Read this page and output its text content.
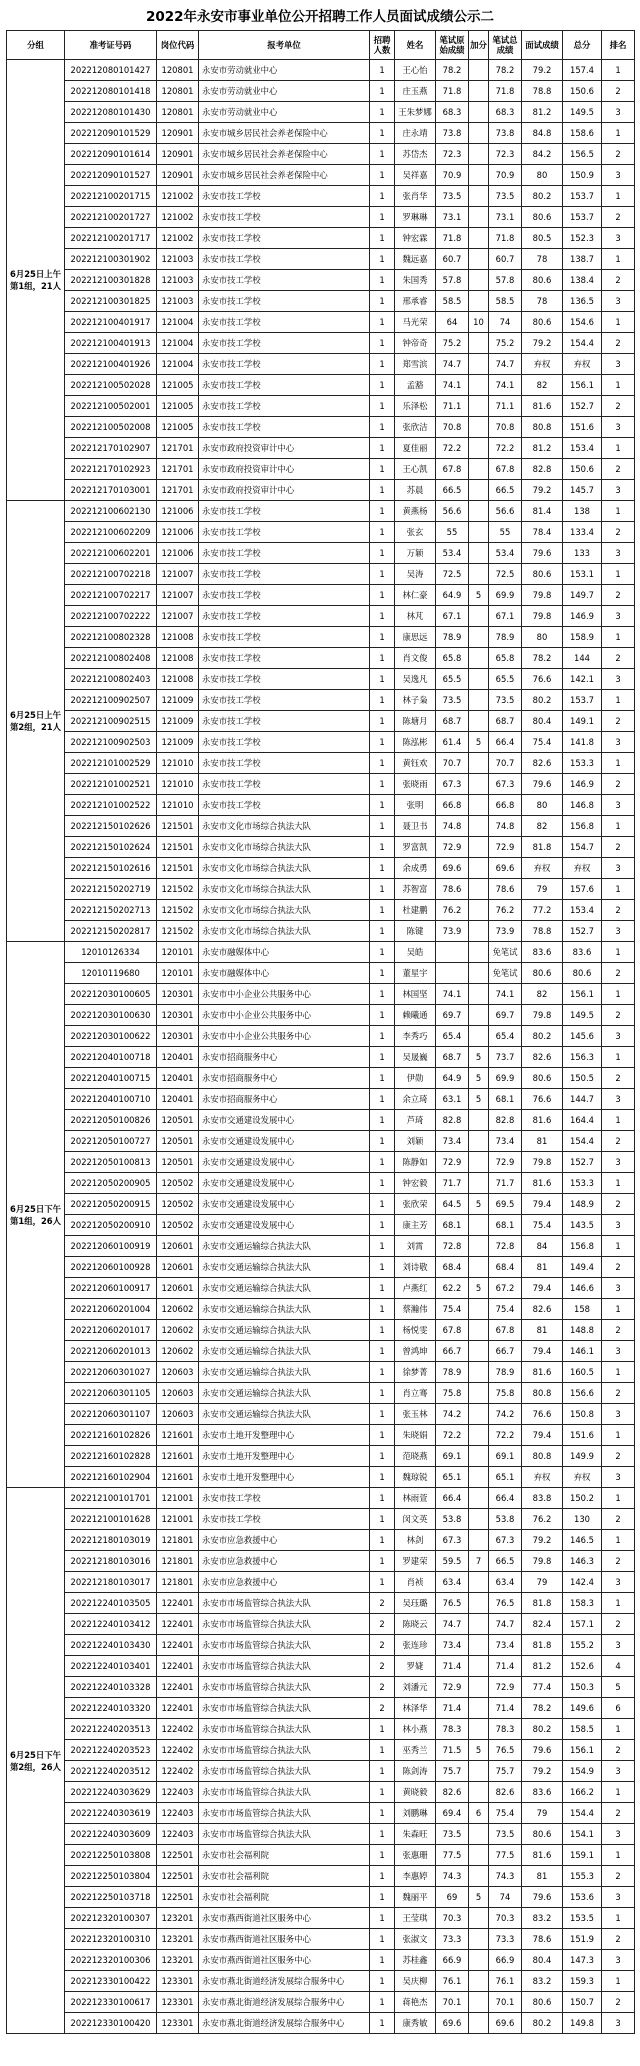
2022年永安市事业单位公开招聘工作人员面试成绩公示二
分组	准考证号码	岗位代码	报考单位	招聘人数	姓名	笔试原始成绩	加分	笔试总成绩	面试成绩	总分	排名
6月25日上午第1组，21人	202212080101427	120801	永安市劳动就业中心	1	王心怡	78.2		78.2	79.2	157.4	1
	202212080101418	120801	永安市劳动就业中心	1	庄玉燕	71.8		71.8	78.8	150.6	2
	202212080101430	120801	永安市劳动就业中心	1	王朱梦娜	68.3		68.3	81.2	149.5	3
	202212090101529	120901	永安市城乡居民社会养老保险中心	1	庄永靖	73.8		73.8	84.8	158.6	1
	202212090101614	120901	永安市城乡居民社会养老保险中心	1	苏岱杰	72.3		72.3	84.2	156.5	2
	202212090101527	120901	永安市城乡居民社会养老保险中心	1	吴祥嘉	70.9		70.9	80	150.9	3
	202212100201715	121002	永安市技工学校	1	张肖华	73.5		73.5	80.2	153.7	1
	202212100201727	121002	永安市技工学校	1	罗琳琳	73.1		73.1	80.6	153.7	2
	202212100201717	121002	永安市技工学校	1	钟宏霖	71.8		71.8	80.5	152.3	3
	202212100301902	121003	永安市技工学校	1	魏远嘉	60.7		60.7	78	138.7	1
	202212100301828	121003	永安市技工学校	1	朱国秀	57.8		57.8	80.6	138.4	2
	202212100301825	121003	永安市技工学校	1	邢承睿	58.5		58.5	78	136.5	3
	202212100401917	121004	永安市技工学校	1	马光荣	64	10	74	80.6	154.6	1
	202212100401913	121004	永安市技工学校	1	钟帝奇	75.2		75.2	79.2	154.4	2
	202212100401926	121004	永安市技工学校	1	郑雪滨	74.7		74.7	弃权	弃权	3
	202212100502028	121005	永安市技工学校	1	孟豁	74.1		74.1	82	156.1	1
	202212100502001	121005	永安市技工学校	1	乐泽松	71.1		71.1	81.6	152.7	2
	202212100502008	121005	永安市技工学校	1	张欣洁	70.8		70.8	80.8	151.6	3
	202212170102907	121701	永安市政府投资审计中心	1	夏佳丽	72.2		72.2	81.2	153.4	1
	202212170102923	121701	永安市政府投资审计中心	1	王心凯	67.8		67.8	82.8	150.6	2
	202212170103001	121701	永安市政府投资审计中心	1	苏晨	66.5		66.5	79.2	145.7	3
6月25日上午第2组，21人	202212100602130	121006	永安市技工学校	1	黄燕杨	56.6		56.6	81.4	138	1
	202212100602209	121006	永安市技工学校	1	张玄	55		55	78.4	133.4	2
	202212100602201	121006	永安市技工学校	1	万颖	53.4		53.4	79.6	133	3
	202212100702218	121007	永安市技工学校	1	吴涛	72.5		72.5	80.6	153.1	1
	202212100702217	121007	永安市技工学校	1	林仁豪	64.9	5	69.9	79.8	149.7	2
	202212100702222	121007	永安市技工学校	1	林芃	67.1		67.1	79.8	146.9	3
	202212100802328	121008	永安市技工学校	1	康思远	78.9		78.9	80	158.9	1
	202212100802408	121008	永安市技工学校	1	肖文俊	65.8		65.8	78.2	144	2
	202212100802403	121008	永安市技工学校	1	吴逸凡	65.5		65.5	76.6	142.1	3
	202212100902507	121009	永安市技工学校	1	林子枭	73.5		73.5	80.2	153.7	1
	202212100902515	121009	永安市技工学校	1	陈塘月	68.7		68.7	80.4	149.1	2
	202212100902503	121009	永安市技工学校	1	陈泓彬	61.4	5	66.4	75.4	141.8	3
	202212101002529	121010	永安市技工学校	1	黄钰欢	70.7		70.7	82.6	153.3	1
	202212101002521	121010	永安市技工学校	1	张晓雨	67.3		67.3	79.6	146.9	2
	202212101002522	121010	永安市技工学校	1	张明	66.8		66.8	80	146.8	3
	202212150102626	121501	永安市文化市场综合执法大队	1	聂卫书	74.8		74.8	82	156.8	1
	202212150102624	121501	永安市文化市场综合执法大队	1	罗富凯	72.9		72.9	81.8	154.7	2
	202212150102616	121501	永安市文化市场综合执法大队	1	余成勇	69.6		69.6	弃权	弃权	3
	202212150202719	121502	永安市文化市场综合执法大队	1	苏智富	78.6		78.6	79	157.6	1
	202212150202713	121502	永安市文化市场综合执法大队	1	杜建鹏	76.2		76.2	77.2	153.4	2
	202212150202817	121502	永安市文化市场综合执法大队	1	陈键	73.9		73.9	78.8	152.7	3
6月25日下午第1组，26人	12010126334	120101	永安市融媒体中心	1	吴皓			免笔试	83.6	83.6	1
	12010119680	120101	永安市融媒体中心	1	董星宇			免笔试	80.6	80.6	2
	202212030100605	120301	永安市中小企业公共服务中心	1	林国坚	74.1		74.1	82	156.1	1
	202212030100630	120301	永安市中小企业公共服务中心	1	赖曦通	69.7		69.7	79.8	149.5	2
	202212030100622	120301	永安市中小企业公共服务中心	1	李秀巧	65.4		65.4	80.2	145.6	3
	202212040100718	120401	永安市招商服务中心	1	吴晟巍	68.7	5	73.7	82.6	156.3	1
	202212040100715	120401	永安市招商服务中心	1	伊勋	64.9	5	69.9	80.6	150.5	2
	202212040100710	120401	永安市招商服务中心	1	余立琦	63.1	5	68.1	76.6	144.7	3
	202212050100826	120501	永安市交通建设发展中心	1	芦琦	82.8		82.8	81.6	164.4	1
	202212050100727	120501	永安市交通建设发展中心	1	刘颖	73.4		73.4	81	154.4	2
	202212050100813	120501	永安市交通建设发展中心	1	陈静如	72.9		72.9	79.8	152.7	3
	202212050200905	120502	永安市交通建设发展中心	1	钟宏毅	71.7		71.7	81.6	153.3	1
	202212050200915	120502	永安市交通建设发展中心	1	张欣荣	64.5	5	69.5	79.4	148.9	2
	202212050200910	120502	永安市交通建设发展中心	1	康主芳	68.1		68.1	75.4	143.5	3
	202212060100919	120601	永安市交通运输综合执法大队	1	刘霄	72.8		72.8	84	156.8	1
	202212060100928	120601	永安市交通运输综合执法大队	1	刘诗敬	68.4		68.4	81	149.4	2
	202212060100917	120601	永安市交通运输综合执法大队	1	卢燕红	62.2	5	67.2	79.4	146.6	3
	202212060201004	120602	永安市交通运输综合执法大队	1	蔡瀚伟	75.4		75.4	82.6	158	1
	202212060201017	120602	永安市交通运输综合执法大队	1	杨悦雯	67.8		67.8	81	148.8	2
	202212060201013	120602	永安市交通运输综合执法大队	1	曾鸿坤	66.7		66.7	79.4	146.1	3
	202212060301027	120603	永安市交通运输综合执法大队	1	徐梦菁	78.9		78.9	81.6	160.5	1
	202212060301105	120603	永安市交通运输综合执法大队	1	肖立骞	75.8		75.8	80.8	156.6	2
	202212060301107	120603	永安市交通运输综合执法大队	1	张玉林	74.2		74.2	76.6	150.8	3
	202212160102826	121601	永安市土地开发整理中心	1	朱晓娟	72.2		72.2	79.4	151.6	1
	202212160102828	121601	永安市土地开发整理中心	1	范晓燕	69.1		69.1	80.8	149.9	2
	202212160102904	121601	永安市土地开发整理中心	1	魏琼锐	65.1		65.1	弃权	弃权	3
6月25日下午第2组，26人	202212100101701	121001	永安市技工学校	1	林雨萱	66.4		66.4	83.8	150.2	1
	202212100101628	121001	永安市技工学校	1	闵文英	53.8		53.8	76.2	130	2
	202212180103019	121801	永安市应急救援中心	1	林剑	67.3		67.3	79.2	146.5	1
	202212180103016	121801	永安市应急救援中心	1	罗建荣	59.5	7	66.5	79.8	146.3	2
	202212180103017	121801	永安市应急救援中心	1	肖祯	63.4		63.4	79	142.4	3
	202212240103505	122401	永安市市场监管综合执法大队	2	吴珏璐	76.5		76.5	81.8	158.3	1
	202212240103412	122401	永安市市场监管综合执法大队	2	陈晓云	74.7		74.7	82.4	157.1	2
	202212240103430	122401	永安市市场监管综合执法大队	2	张连珍	73.4		73.4	81.8	155.2	3
	202212240103401	122401	永安市市场监管综合执法大队	2	罗婕	71.4		71.4	81.2	152.6	4
	202212240103328	122401	永安市市场监管综合执法大队	2	刘潘元	72.9		72.9	77.4	150.3	5
	202212240103320	122401	永安市市场监管综合执法大队	2	林泽华	71.4		71.4	78.2	149.6	6
	202212240203513	122402	永安市市场监管综合执法大队	1	林小燕	78.3		78.3	80.2	158.5	1
	202212240203523	122402	永安市市场监管综合执法大队	1	巫秀兰	71.5	5	76.5	79.6	156.1	2
	202212240203512	122402	永安市市场监管综合执法大队	1	陈剑涛	75.7		75.7	79.2	154.9	3
	202212240303629	122403	永安市市场监管综合执法大队	1	黄晓毅	82.6		82.6	83.6	166.2	1
	202212240303619	122403	永安市市场监管综合执法大队	1	刘鹏琳	69.4	6	75.4	79	154.4	2
	202212240303609	122403	永安市市场监管综合执法大队	1	朱森旺	73.5		73.5	80.6	154.1	3
	202212250103808	122501	永安市社会福利院	1	张惠珊	77.5		77.5	81.6	159.1	1
	202212250103804	122501	永安市社会福利院	1	李惠婷	74.3		74.3	81	155.3	2
	202212250103718	122501	永安市社会福利院	1	魏丽平	69	5	74	79.6	153.6	3
	202212320100307	123201	永安市燕西街道社区服务中心	1	王莹琪	70.3		70.3	83.2	153.5	1
	202212320100310	123201	永安市燕西街道社区服务中心	1	张淑文	73.3		73.3	78.6	151.9	2
	202212320100306	123201	永安市燕西街道社区服务中心	1	苏桂鑫	66.9		66.9	80.4	147.3	3
	202212330100422	123301	永安市燕北街道经济发展综合服务中心	1	吴庆柳	76.1		76.1	83.2	159.3	1
	202212330100617	123301	永安市燕北街道经济发展综合服务中心	1	蒋艳杰	70.1		70.1	80.6	150.7	2
	202212330100420	123301	永安市燕北街道经济发展综合服务中心	1	康秀敏	69.6		69.6	80.2	149.8	3
